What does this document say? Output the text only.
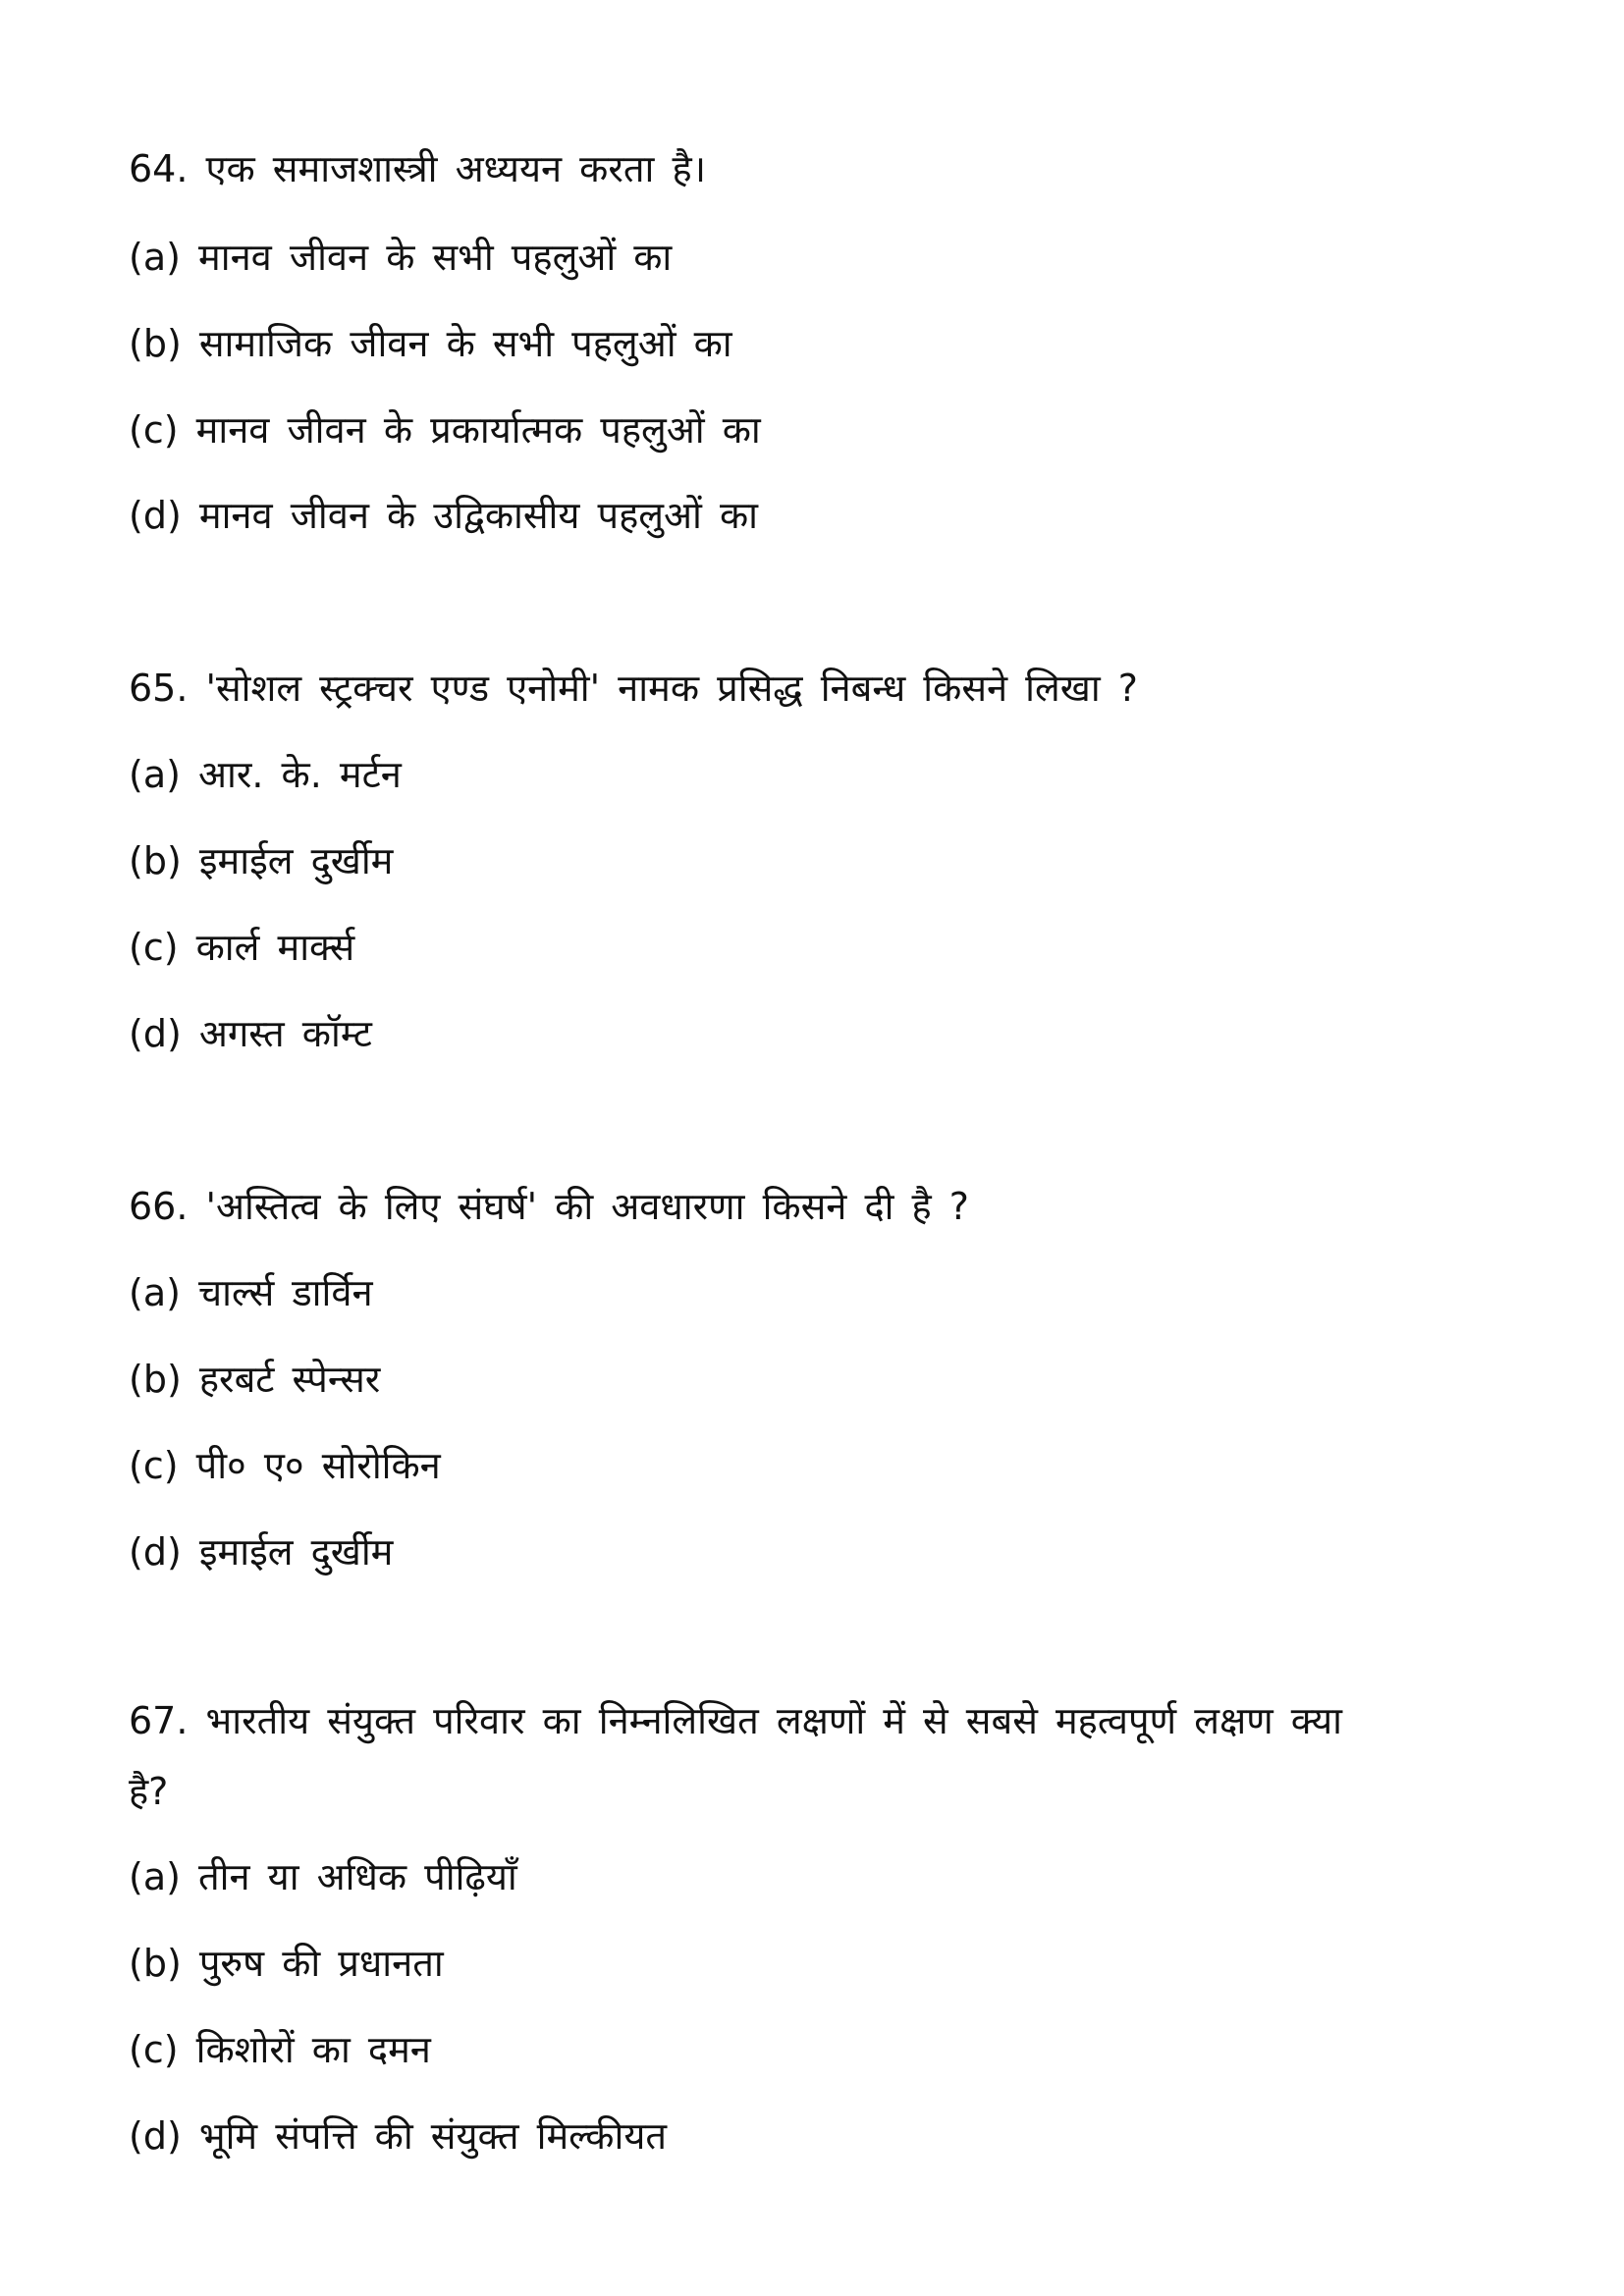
64. एक समाजशास्त्री अध्ययन करता है।
(a) मानव जीवन के सभी पहलुओं का
(b) सामाजिक जीवन के सभी पहलुओं का
(c) मानव जीवन के प्रकार्यात्मक पहलुओं का
(d) मानव जीवन के उद्विकासीय पहलुओं का
65. 'सोशल स्ट्रक्चर एण्ड एनोमी' नामक प्रसिद्ध निबन्ध किसने लिखा ?
(a) आर. के. मर्टन
(b) इमाईल दुर्खीम
(c) कार्ल मार्क्स
(d) अगस्त कॉम्ट
66. 'अस्तित्व के लिए संघर्ष' की अवधारणा किसने दी है ?
(a) चार्ल्स डार्विन
(b) हरबर्ट स्पेन्सर
(c) पी० ए० सोरोकिन
(d) इमाईल दुर्खीम
67. भारतीय संयुक्त परिवार का निम्नलिखित लक्षणों में से सबसे महत्वपूर्ण लक्षण क्या
है?
(a) तीन या अधिक पीढ़ियाँ
(b) पुरुष की प्रधानता
(c) किशोरों का दमन
(d) भूमि संपत्ति की संयुक्त मिल्कीयत
